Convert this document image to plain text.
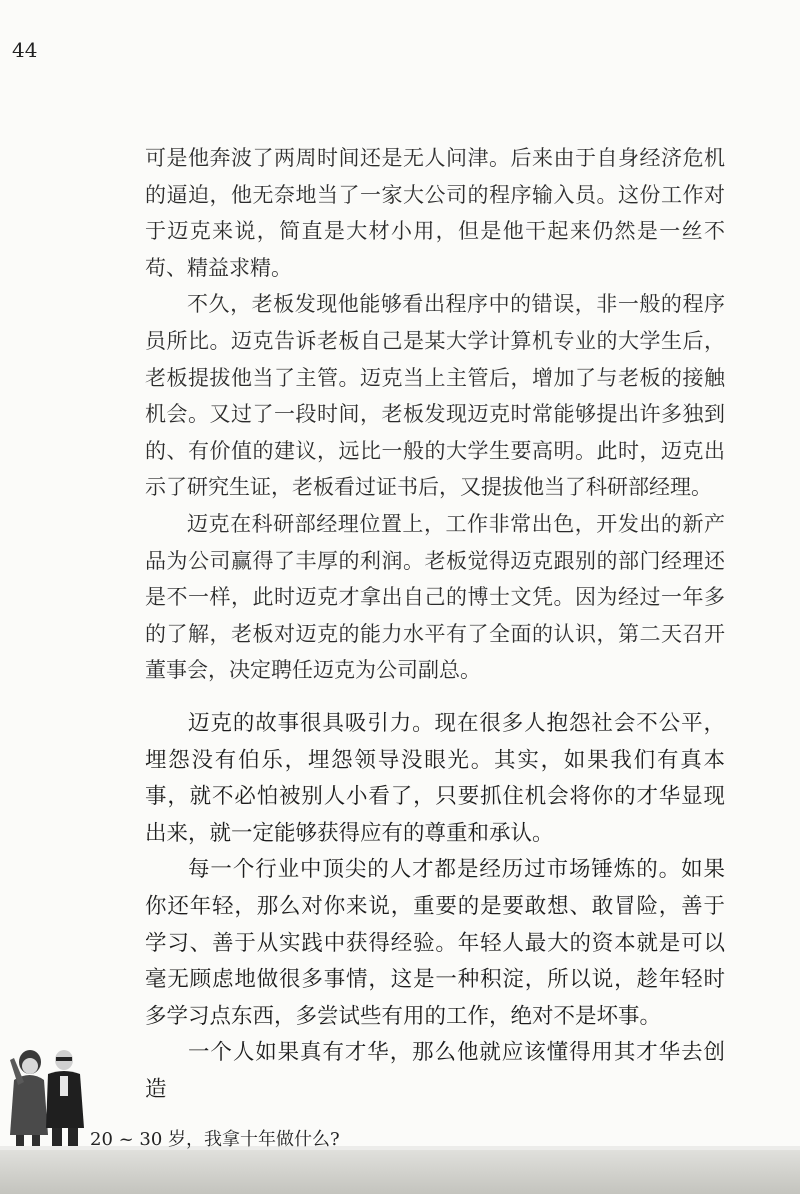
44

可是他奔波了两周时间还是无人问津。后来由于自身经济危机的逼迫，他无奈地当了一家大公司的程序输入员。这份工作对于迈克来说，简直是大材小用，但是他干起来仍然是一丝不苟、精益求精。

不久，老板发现他能够看出程序中的错误，非一般的程序员所比。迈克告诉老板自己是某大学计算机专业的大学生后，老板提拔他当了主管。迈克当上主管后，增加了与老板的接触机会。又过了一段时间，老板发现迈克时常能够提出许多独到的、有价值的建议，远比一般的大学生要高明。此时，迈克出示了研究生证，老板看过证书后，又提拔他当了科研部经理。

迈克在科研部经理位置上，工作非常出色，开发出的新产品为公司赢得了丰厚的利润。老板觉得迈克跟别的部门经理还是不一样，此时迈克才拿出自己的博士文凭。因为经过一年多的了解，老板对迈克的能力水平有了全面的认识，第二天召开董事会，决定聘任迈克为公司副总。

迈克的故事很具吸引力。现在很多人抱怨社会不公平，埋怨没有伯乐，埋怨领导没眼光。其实，如果我们有真本事，就不必怕被别人小看了，只要抓住机会将你的才华显现出来，就一定能够获得应有的尊重和承认。

每一个行业中顶尖的人才都是经历过市场锤炼的。如果你还年轻，那么对你来说，重要的是要敢想、敢冒险，善于学习、善于从实践中获得经验。年轻人最大的资本就是可以毫无顾虑地做很多事情，这是一种积淀，所以说，趁年轻时多学习点东西，多尝试些有用的工作，绝对不是坏事。

一个人如果真有才华，那么他就应该懂得用其才华去创造

20 ~ 30 岁，我拿十年做什么?
